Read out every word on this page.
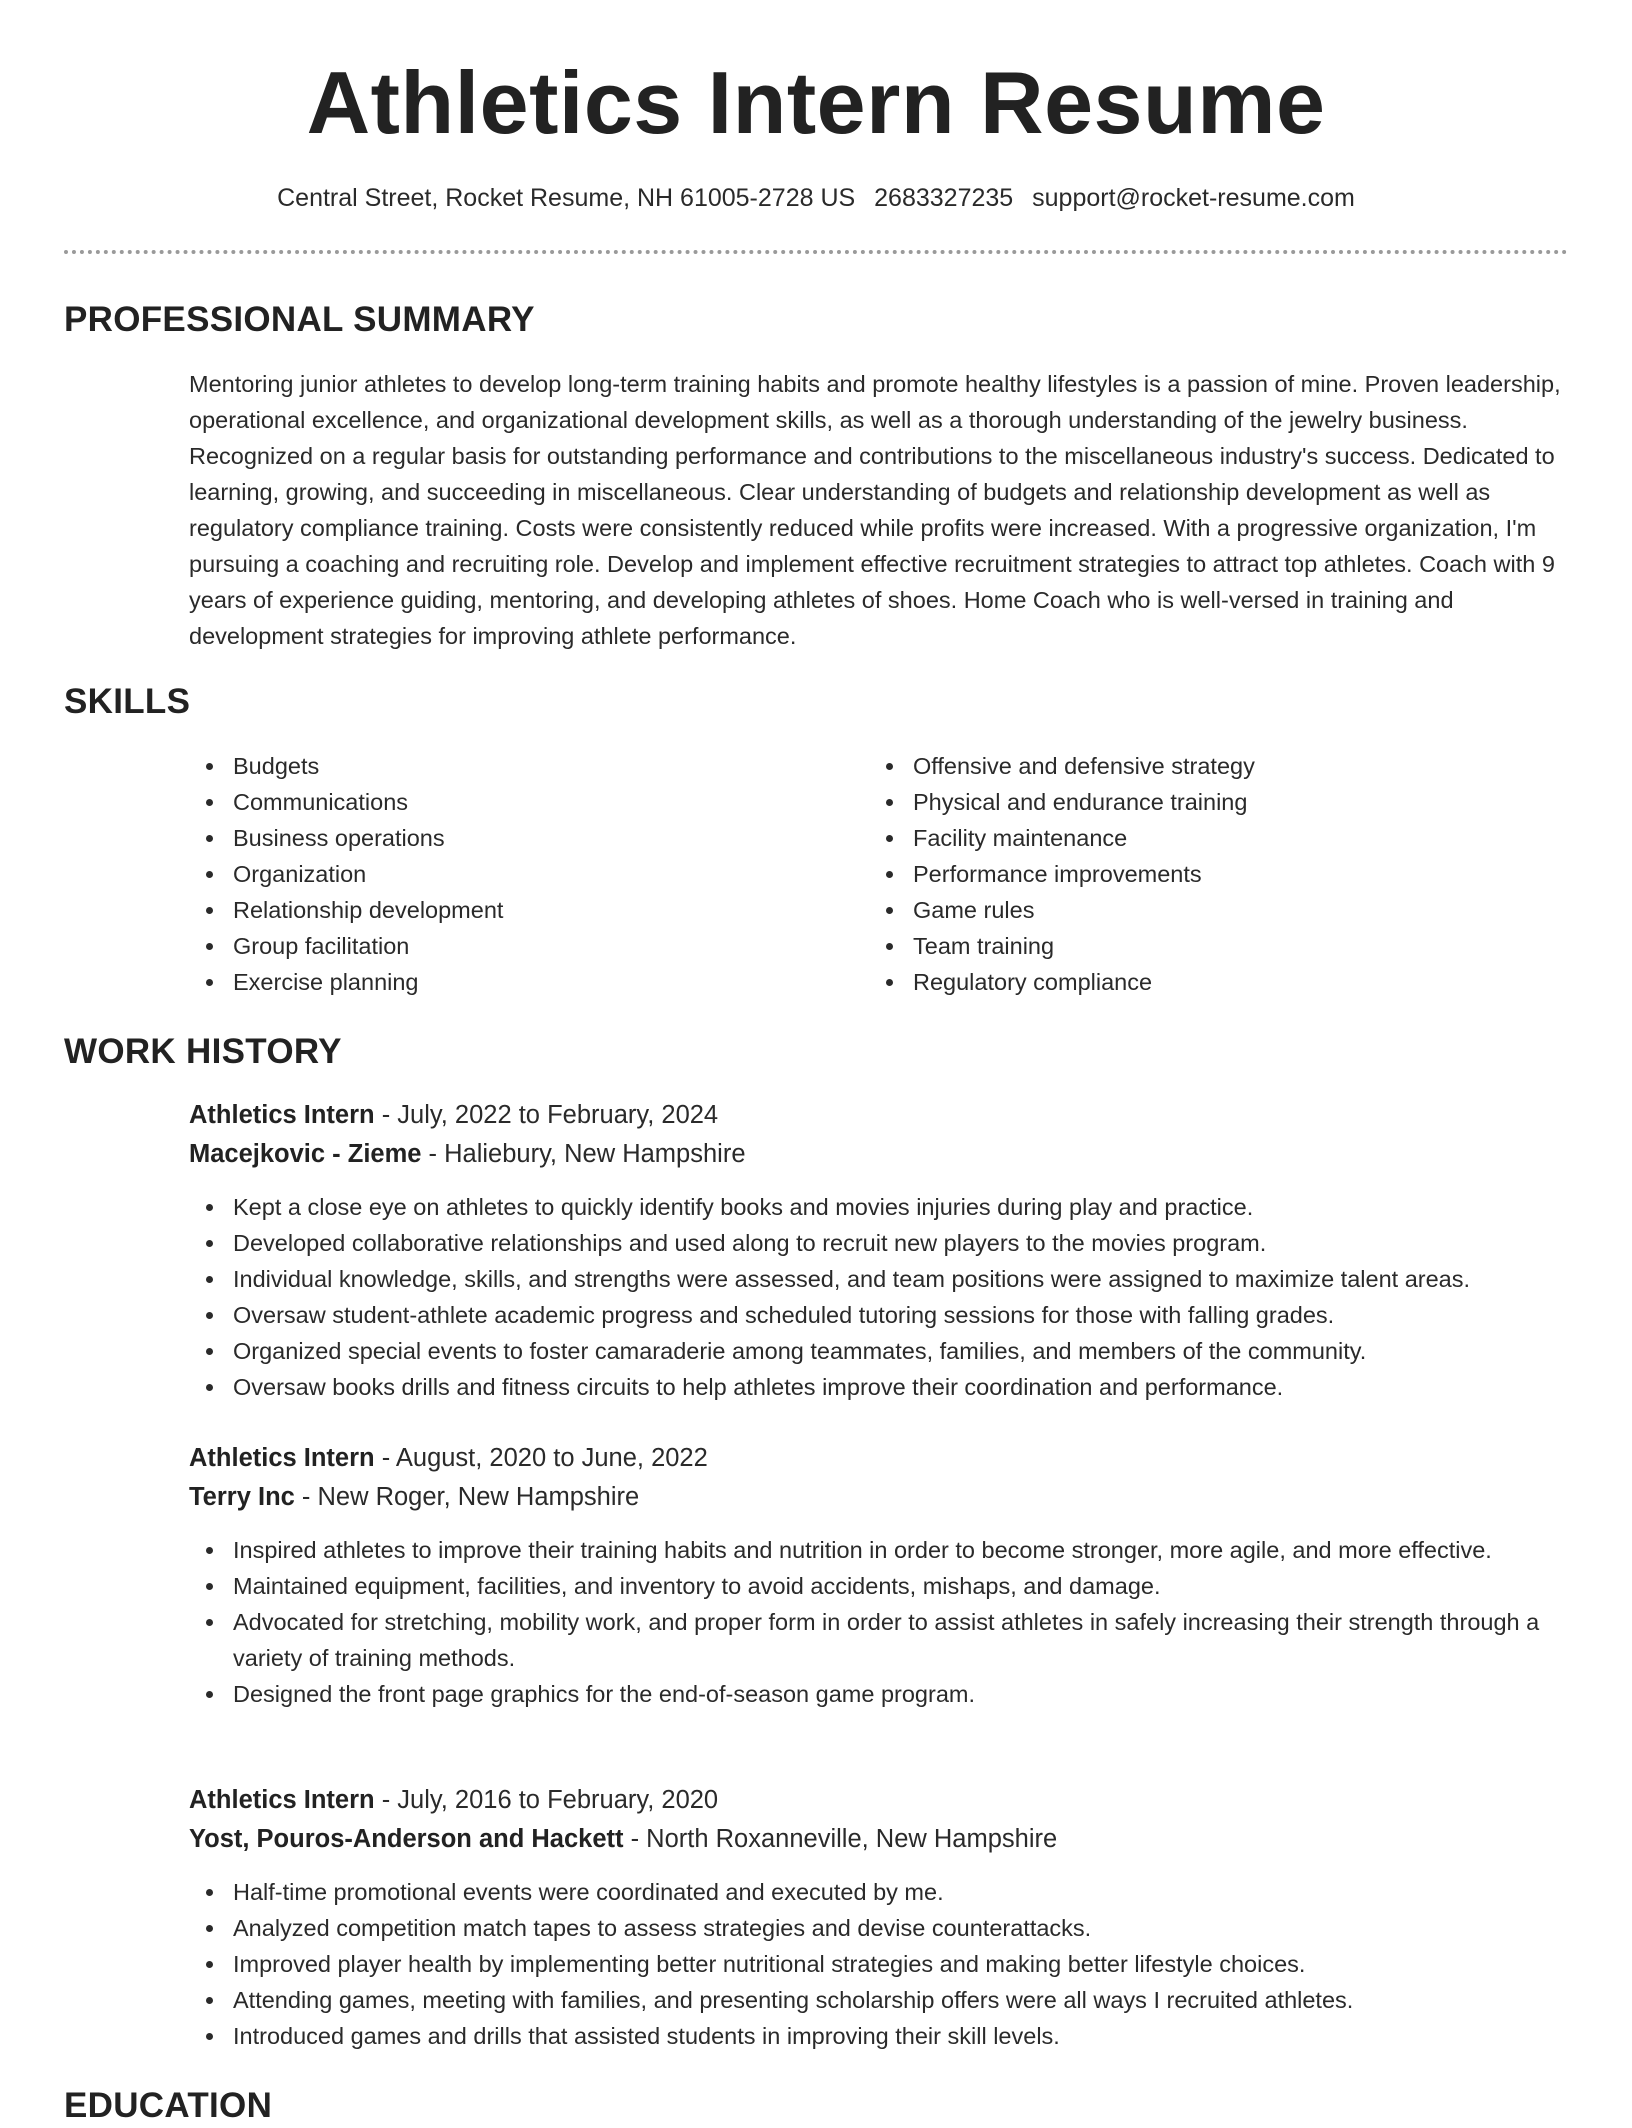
Athletics Intern Resume
Central Street, Rocket Resume, NH 61005-2728 US 2683327235 support@rocket-resume.com
PROFESSIONAL SUMMARY

Mentoring junior athletes to develop long-term training habits and promote healthy lifestyles is a passion of mine. Proven leadership, operational excellence, and organizational development skills, as well as a thorough understanding of the jewelry business. Recognized on a regular basis for outstanding performance and contributions to the miscellaneous industry's success. Dedicated to learning, growing, and succeeding in miscellaneous. Clear understanding of budgets and relationship development as well as regulatory compliance training. Costs were consistently reduced while profits were increased. With a progressive organization, I'm pursuing a coaching and recruiting role. Develop and implement effective recruitment strategies to attract top athletes. Coach with 9 years of experience guiding, mentoring, and developing athletes of shoes. Home Coach who is well-versed in training and development strategies for improving athlete performance.

SKILLS
Budgets
Communications
Business operations
Organization
Relationship development
Group facilitation
Exercise planning
Offensive and defensive strategy
Physical and endurance training
Facility maintenance
Performance improvements
Game rules
Team training
Regulatory compliance
WORK HISTORY
Athletics Intern - July, 2022 to February, 2024
Macejkovic - Zieme - Haliebury, New Hampshire
Kept a close eye on athletes to quickly identify books and movies injuries during play and practice.
Developed collaborative relationships and used along to recruit new players to the movies program.
Individual knowledge, skills, and strengths were assessed, and team positions were assigned to maximize talent areas.
Oversaw student-athlete academic progress and scheduled tutoring sessions for those with falling grades.
Organized special events to foster camaraderie among teammates, families, and members of the community.
Oversaw books drills and fitness circuits to help athletes improve their coordination and performance.
Athletics Intern - August, 2020 to June, 2022
Terry Inc - New Roger, New Hampshire
Inspired athletes to improve their training habits and nutrition in order to become stronger, more agile, and more effective.
Maintained equipment, facilities, and inventory to avoid accidents, mishaps, and damage.
Advocated for stretching, mobility work, and proper form in order to assist athletes in safely increasing their strength through a variety of training methods.
Designed the front page graphics for the end-of-season game program.
Athletics Intern - July, 2016 to February, 2020
Yost, Pouros-Anderson and Hackett - North Roxanneville, New Hampshire
Half-time promotional events were coordinated and executed by me.
Analyzed competition match tapes to assess strategies and devise counterattacks.
Improved player health by implementing better nutritional strategies and making better lifestyle choices.
Attending games, meeting with families, and presenting scholarship offers were all ways I recruited athletes.
Introduced games and drills that assisted students in improving their skill levels.
EDUCATION
